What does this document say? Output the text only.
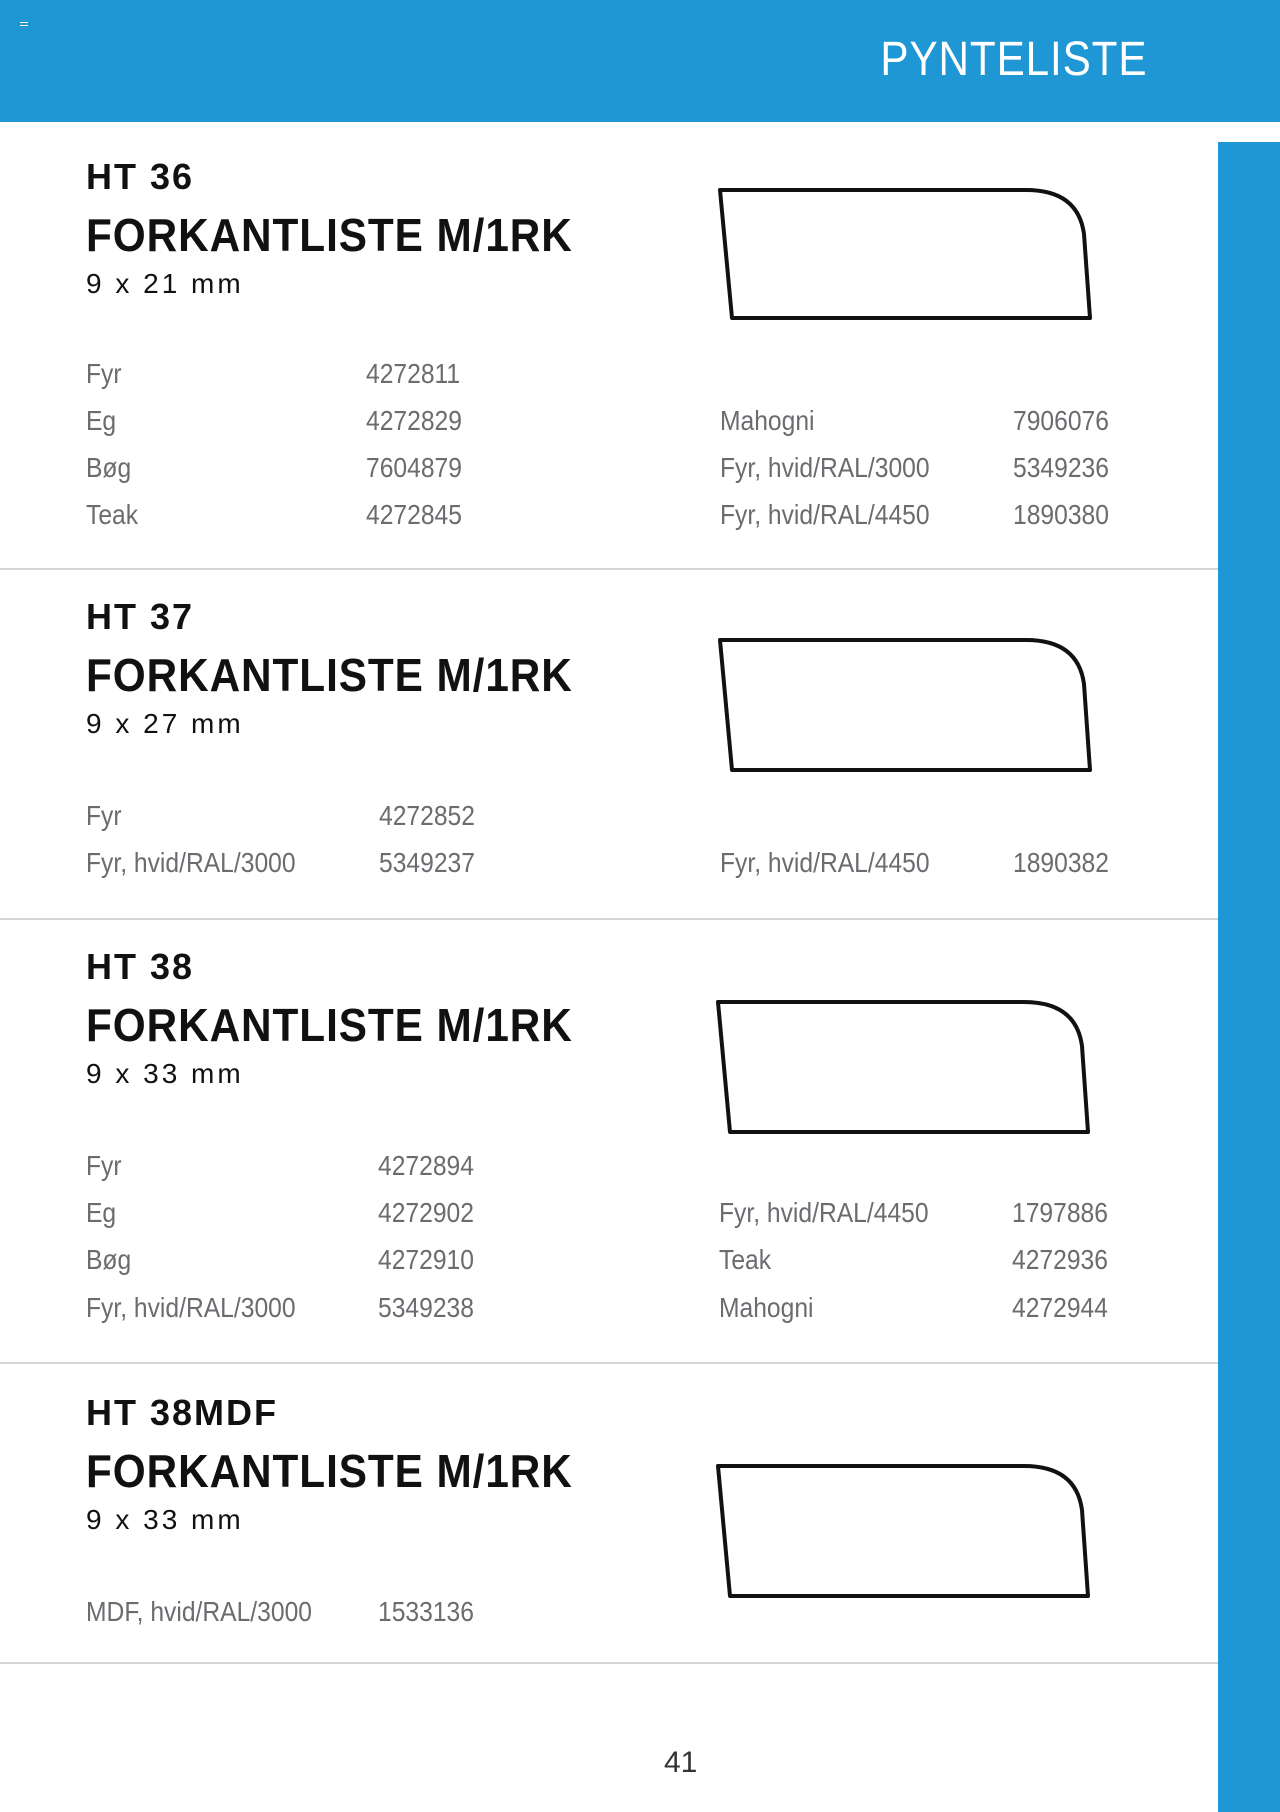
PYNTELISTE
HT 36
FORKANTLISTE M/1RK
9 x 21 mm
Fyr	4272811
Eg	4272829
Bøg	7604879
Teak	4272845
Mahogni	7906076
Fyr, hvid/RAL/3000	5349236
Fyr, hvid/RAL/4450	1890380
HT 37
FORKANTLISTE M/1RK
9 x 27 mm
Fyr	4272852
Fyr, hvid/RAL/3000	5349237	Fyr, hvid/RAL/4450	1890382
HT 38
FORKANTLISTE M/1RK
9 x 33 mm
Fyr	4272894
Eg	4272902
Bøg	4272910
Fyr, hvid/RAL/3000	5349238
Fyr, hvid/RAL/4450	1797886
Teak	4272936
Mahogni	4272944
HT 38MDF
FORKANTLISTE M/1RK
9 x 33 mm
MDF, hvid/RAL/3000 1533136
41
